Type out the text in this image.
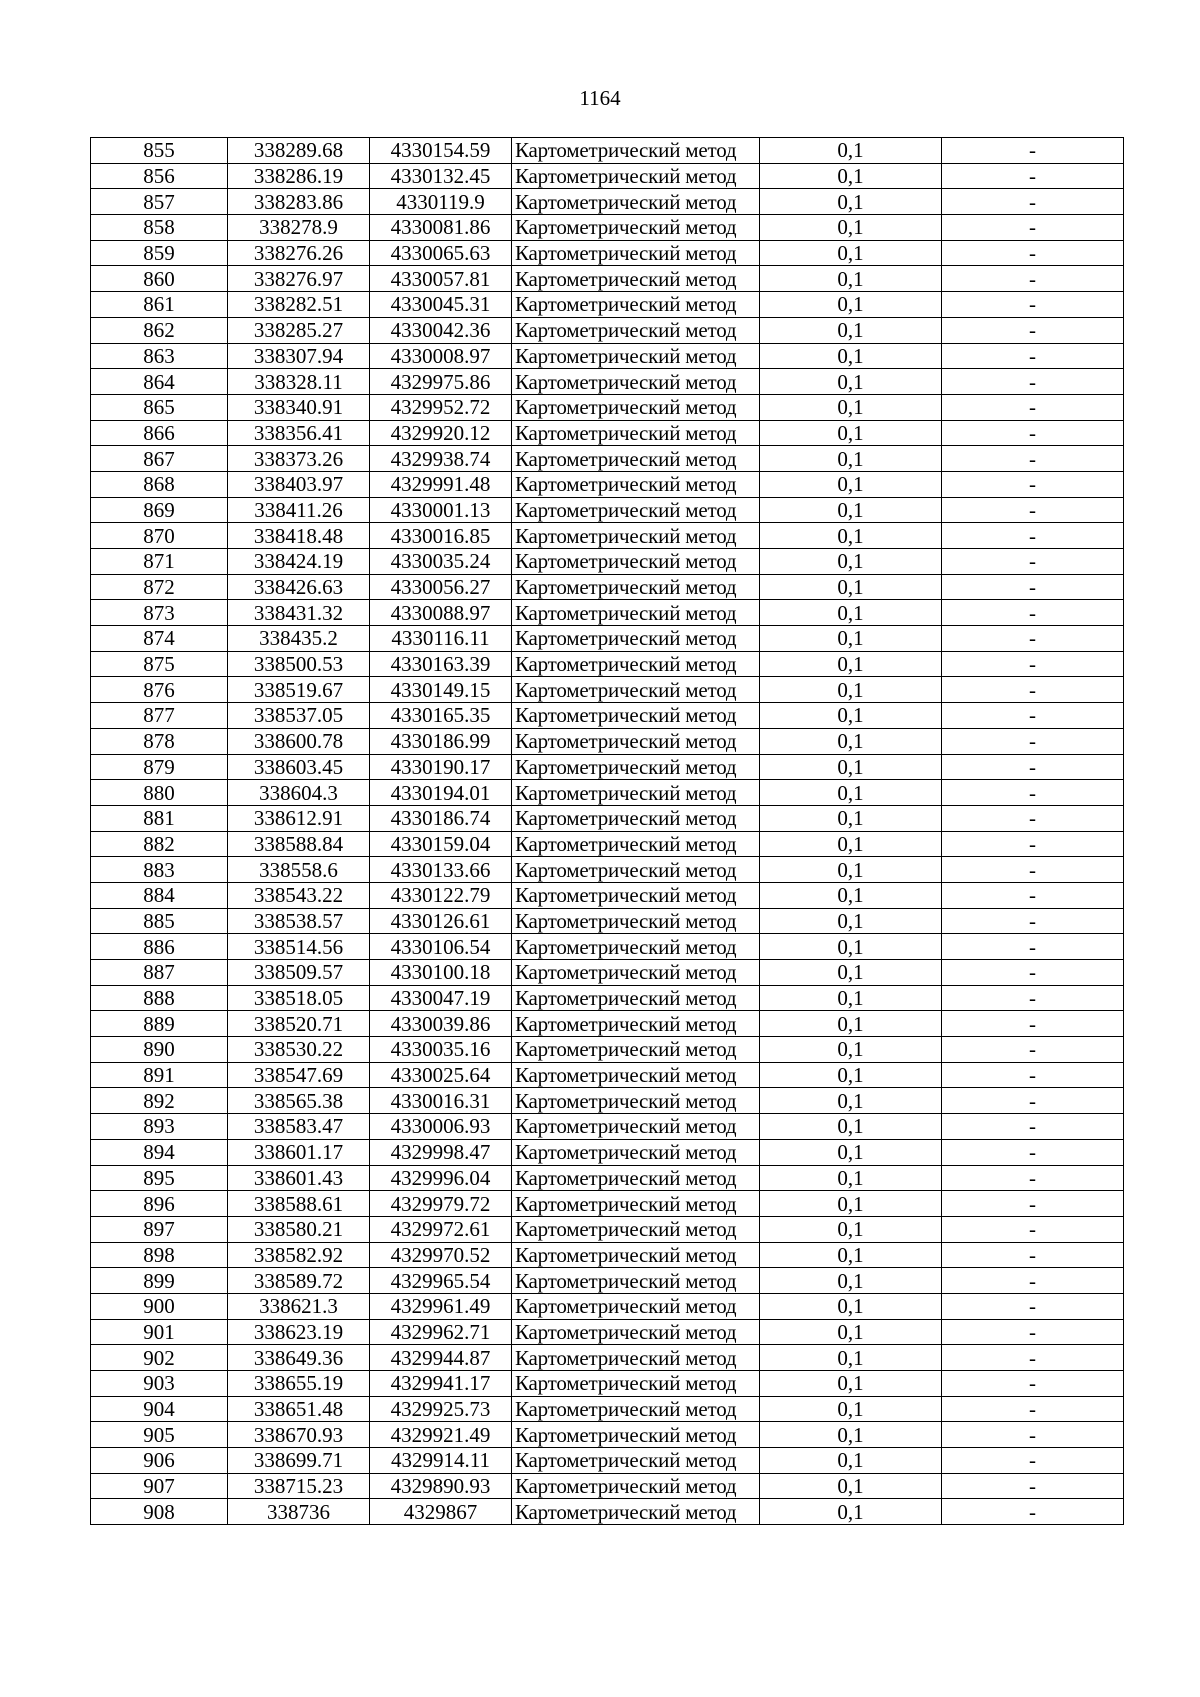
1164
855	338289.68	4330154.59	Картометрический метод	0,1	-
856	338286.19	4330132.45	Картометрический метод	0,1	-
857	338283.86	4330119.9	Картометрический метод	0,1	-
858	338278.9	4330081.86	Картометрический метод	0,1	-
859	338276.26	4330065.63	Картометрический метод	0,1	-
860	338276.97	4330057.81	Картометрический метод	0,1	-
861	338282.51	4330045.31	Картометрический метод	0,1	-
862	338285.27	4330042.36	Картометрический метод	0,1	-
863	338307.94	4330008.97	Картометрический метод	0,1	-
864	338328.11	4329975.86	Картометрический метод	0,1	-
865	338340.91	4329952.72	Картометрический метод	0,1	-
866	338356.41	4329920.12	Картометрический метод	0,1	-
867	338373.26	4329938.74	Картометрический метод	0,1	-
868	338403.97	4329991.48	Картометрический метод	0,1	-
869	338411.26	4330001.13	Картометрический метод	0,1	-
870	338418.48	4330016.85	Картометрический метод	0,1	-
871	338424.19	4330035.24	Картометрический метод	0,1	-
872	338426.63	4330056.27	Картометрический метод	0,1	-
873	338431.32	4330088.97	Картометрический метод	0,1	-
874	338435.2	4330116.11	Картометрический метод	0,1	-
875	338500.53	4330163.39	Картометрический метод	0,1	-
876	338519.67	4330149.15	Картометрический метод	0,1	-
877	338537.05	4330165.35	Картометрический метод	0,1	-
878	338600.78	4330186.99	Картометрический метод	0,1	-
879	338603.45	4330190.17	Картометрический метод	0,1	-
880	338604.3	4330194.01	Картометрический метод	0,1	-
881	338612.91	4330186.74	Картометрический метод	0,1	-
882	338588.84	4330159.04	Картометрический метод	0,1	-
883	338558.6	4330133.66	Картометрический метод	0,1	-
884	338543.22	4330122.79	Картометрический метод	0,1	-
885	338538.57	4330126.61	Картометрический метод	0,1	-
886	338514.56	4330106.54	Картометрический метод	0,1	-
887	338509.57	4330100.18	Картометрический метод	0,1	-
888	338518.05	4330047.19	Картометрический метод	0,1	-
889	338520.71	4330039.86	Картометрический метод	0,1	-
890	338530.22	4330035.16	Картометрический метод	0,1	-
891	338547.69	4330025.64	Картометрический метод	0,1	-
892	338565.38	4330016.31	Картометрический метод	0,1	-
893	338583.47	4330006.93	Картометрический метод	0,1	-
894	338601.17	4329998.47	Картометрический метод	0,1	-
895	338601.43	4329996.04	Картометрический метод	0,1	-
896	338588.61	4329979.72	Картометрический метод	0,1	-
897	338580.21	4329972.61	Картометрический метод	0,1	-
898	338582.92	4329970.52	Картометрический метод	0,1	-
899	338589.72	4329965.54	Картометрический метод	0,1	-
900	338621.3	4329961.49	Картометрический метод	0,1	-
901	338623.19	4329962.71	Картометрический метод	0,1	-
902	338649.36	4329944.87	Картометрический метод	0,1	-
903	338655.19	4329941.17	Картометрический метод	0,1	-
904	338651.48	4329925.73	Картометрический метод	0,1	-
905	338670.93	4329921.49	Картометрический метод	0,1	-
906	338699.71	4329914.11	Картометрический метод	0,1	-
907	338715.23	4329890.93	Картометрический метод	0,1	-
908	338736	4329867	Картометрический метод	0,1	-
